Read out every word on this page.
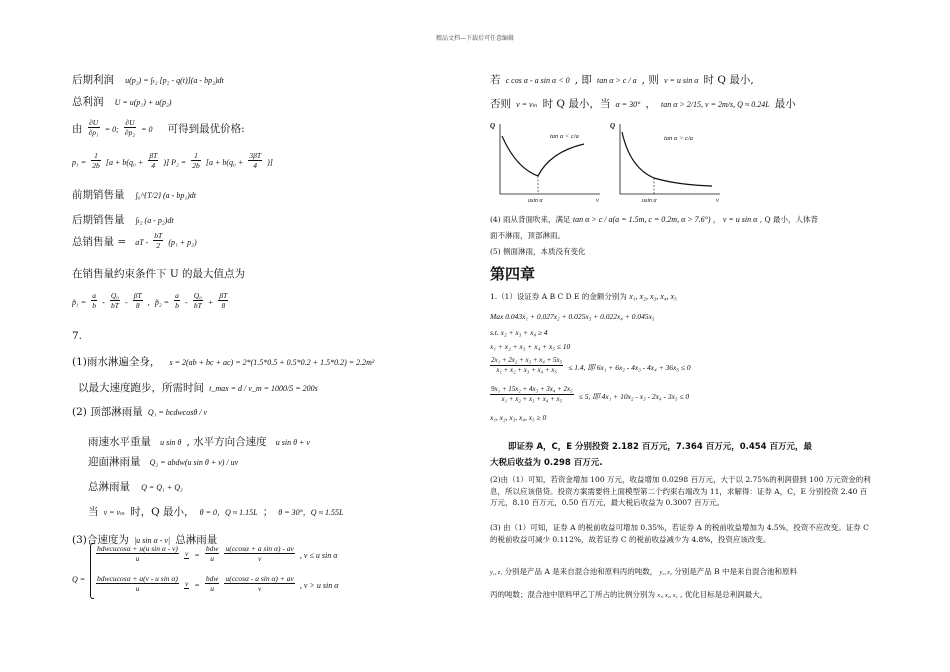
精品文档---下载后可任意编辑
后期利润 u(p₂) = ∫ₜ₂ [p₂ - q(t)](a - bp₂)dt
总利润 U = u(p₁) + u(p₂)
由 $\frac{\partial U}{\text{∂p₁}} = 0$; $\frac{\partial U}{\text{∂p₂}} = 0$ 可得到最优价格:
$p_1 = \frac{1}{2b} [a + b(q_0 + \frac{\beta T}{4}$ )] $P_2 = \frac{1}{2b} [a + b(q_0 + \frac{3\beta T}{4}$ )]
前期销售量 ∫₀^{T/2} (a - bp₁)dt
后期销售量 ∫ₜ₂ (a - p₂)dt
总销售量 = aT - $\frac{bT}{2} (p_1 + p_2)$
在销售量约束条件下 U 的最大值点为
p̃₁ = $\frac{a}{b} - \frac{\text{Q₀}}{bT} - \frac{\beta T}{8}$ , p̃₂ = $\frac{a}{b} - \frac{\text{Q₀}}{bT} + \frac{\beta T}{8}$
7.
(1)雨水淋遍全身， s = 2(ab + bc + ac) = 2*(1.5*0.5 + 0.5*0.2 + 1.5*0.2) = 2.2m²
以最大速度跑步，所需时间 t_max = d / v_m = 1000/5 = 200s
(2) 顶部淋雨量 Q₁ = bcdwcosθ / v
雨速水平重量 u sin θ , 水平方向合速度 u sin θ + v
迎面淋雨量 Q₂ = abdw(u sin θ + v) / uv
总淋雨量 Q = Q₁ + Q₂
当 v = vₘ 时，Q 最小， θ = 0，Q ≈ 1.15L ； θ = 30°，Q ≈ 1.55L
(3)合速度为 |u sin α - v| 总淋雨量
Q =
$\frac{\text{bdwcucosα + u(u sin α - v)}}{u}$
$v = \frac{\text{bdw}}{u}$
$\frac{\text{u(ccosα + a sin α) - av}}{v}$ , v ≤ u sin α
$\frac{\text{bdwcucosα + a(v - u sin α)}}{u}$
$v = \frac{\text{bdw}}{u}$
$\frac{\text{u(ccosα - a sin α) + av}}{v}$ , v > u sin α
若 c cos α - a sin α < 0 , 即 tan α > c / a , 则 v = u sin α 时 Q 最小,
否则 v = vₘ 时 Q 最小，当 α = 30° ， tan α > 2/15, v = 2m/s, Q ≈ 0.24L 最小
Q
tan α < c/a
usin α	v
Q
tan α > c/a
usin α	v
(4) 雨从背面吹来，满足 tan α > c / a(a = 1.5m, c = 0.2m, α > 7.6°) ， v = u sin α , Q 最小，人体背
面不淋雨，顶部淋雨。
(5) 侧面淋雨，本质没有变化
第四章
1.（1）设证券 A B C D E 的金额分别为 x₁, x₂, x₃, x₄, x₅
Max 0.043x₁ + 0.027x₂ + 0.025x₃ + 0.022x₄ + 0.045x₅
s.t. x₂ + x₃ + x₄ ≥ 4
x₁ + x₂ + x₃ + x₄ + x₅ ≤ 10
$\frac{\text{2x₁ + 2x₂ + x₃ + x₄ + 5x₅}}{\text{x₁ + x₂ + x₃ + x₄ + x₅}} \le 1.4$, 即 6x₁ + 6x₂ - 4x₃ - 4x₄ + 36x₅ ≤ 0
$\frac{\text{9x₁ + 15x₂ + 4x₃ + 3x₄ + 2x₅}}{\text{x₁ + x₂ + x₃ + x₄ + x₅}} \le 5$, 即 4x₁ + 10x₂ - x₃ - 2x₄ - 3x₅ ≤ 0
x₁, x₂, x₃, x₄, x₅ ≥ 0
即证券 A，C，E 分别投资 2.182 百万元，7.364 百万元，0.454 百万元，最
大税后收益为 0.298 百万元.
(2)由（1）可知，若资金增加 100 万元，收益增加 0.0298 百万元，大于以 2.75%的利润借到 100 万元资金的利息，所以应该借贷。投资方案需要将上面模型第二个约束右端改为 11，求解得：证券 A，C，E 分别投资 2.40 百万元，8.10 百万元，0.50 百万元，最大税后收益为 0.3007 百万元。
(3) 由（1）可知，证券 A 的税前收益可增加 0.35%，若证券 A 的税前收益增加为 4.5%，投资不应改变。证券 C 的税前收益可减少 0.112%，故若证券 C 的税前收益减少为 4.8%，投资应该改变。
y₁, z₁ 分别是产品 A 是来自混合池和原料丙的吨数， y₂, z₂ 分别是产品 B 中是来自混合池和原料
丙的吨数；混合池中原料甲乙丁所占的比例分别为 x₁, x₂, x₄ , 优化目标是总利润最大，
